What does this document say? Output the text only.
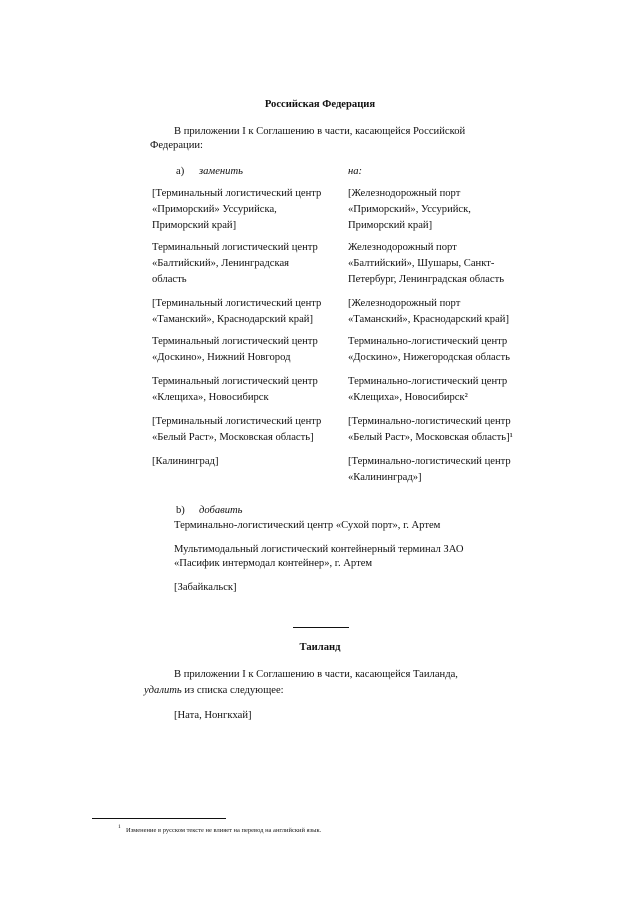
Российская Федерация
В приложении I к Соглашению в части, касающейся Российской
Федерации:
a) заменить	на:
[Терминальный логистический центр
«Приморский» Уссурийска,
Приморский край]
[Железнодорожный порт
«Приморский», Уссурийск,
Приморский край]
Терминальный логистический центр
«Балтийский», Ленинградская
область
Железнодорожный порт
«Балтийский», Шушары, Санкт-
Петербург, Ленинградская область
[Терминальный логистический центр
«Таманский», Краснодарский край]
[Железнодорожный порт
«Таманский», Краснодарский край]
Терминальный логистический центр
«Доскино», Нижний Новгород
Терминально-логистический центр
«Доскино», Нижегородская область
Терминальный логистический центр
«Клещиха», Новосибирск
Терминально-логистический центр
«Клещиха», Новосибирск²
[Терминальный логистический центр
«Белый Раст», Московская область]
[Терминально-логистический центр
«Белый Раст», Московская область]¹
[Калининград]	[Терминально-логистический центр
«Калининград»]
b) добавить
Терминально-логистический центр «Сухой порт», г. Артем
Мультимодальный логистический контейнерный терминал ЗАО
«Пасифик интермодал контейнер», г. Артем
[Забайкальск]
Таиланд
В приложении I к Соглашению в части, касающейся Таиланда,
удалить из списка следующее:
[Ната, Нонгкхай]
1 Изменение в русском тексте не влияет на перевод на английский язык.
